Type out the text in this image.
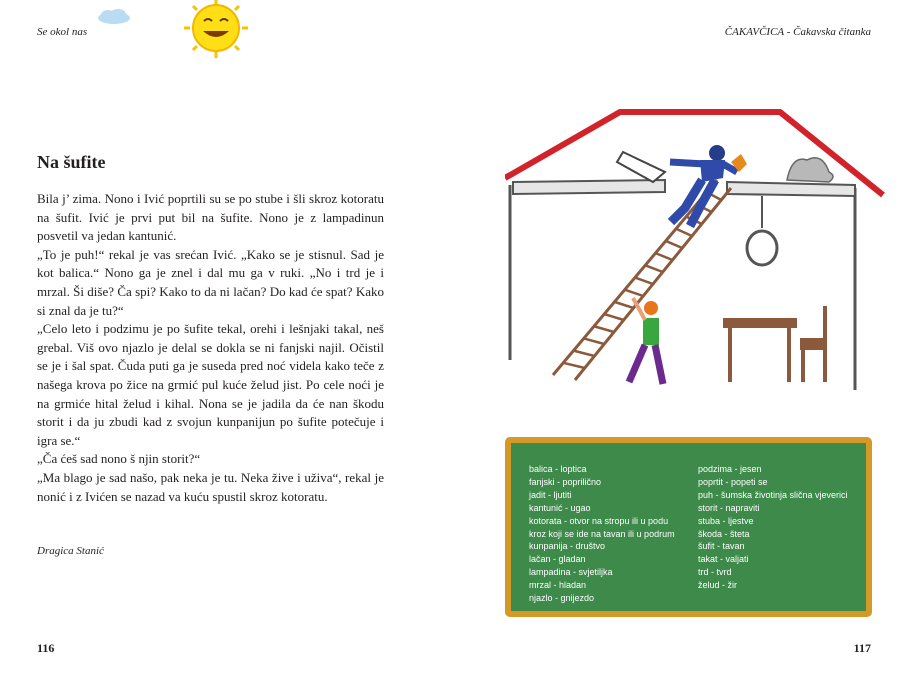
Se okol nas	ČAKAVČICA - Čakavska čitanka
Na šufite

Bila j’ zima. Nono i Ivić poprtili su se po stube i šli skroz kotoratu na šufit. Ivić je prvi put bil na šufite. Nono je z lampadinun posvetil va jedan kantunić.

„To je puh!“ rekal je vas srećan Ivić. „Kako se je stisnul. Sad je kot balica.“ Nono ga je znel i dal mu ga v ruki. „No i trd je i mrzal. Ši diše? Ča spi? Kako to da ni lačan? Do kad će spat? Kako si znal da je tu?“

„Celo leto i podzimu je po šufite tekal, orehi i lešnjaki takal, neš grebal. Viš ovo njazlo je delal se dokla se ni fanjski najil. Očistil se je i šal spat. Čuda puti ga je suseda pred noć videla kako teče z našega krova po žice na grmić pul kuće želud jist. Po cele noći je na grmiće hital želud i kihal. Nona se je jadila da će nan škodu storit i da ju zbudi kad z svojun kunpanijun po šufite potečuje i igra se.“

„Ča ćeš sad nono š njin storit?“

„Ma blago je sad našo, pak neka je tu. Neka živе i uživa“, rekal je nonić i z Ivićen se nazad va kuću spustil skroz kotoratu.

Dragica Stanić
balica - loptica
fanjski - poprilično
jadit - ljutiti
kantunić - ugao
kotorata - otvor na stropu ili u podu
kroz koji se ide na tavan ili u podrum
kunpanija - društvo
lačan - gladan
lampadina - svjetiljka
mrzal - hladan
njazlo - gnijezdo
podzima - jesen
poprtit - popeti se
puh - šumska životinja slična vjeverici
storit - napraviti
stuba - ljestve
škoda - šteta
šufit - tavan
takat - valjati
trd - tvrd
želud - žir
116	117
